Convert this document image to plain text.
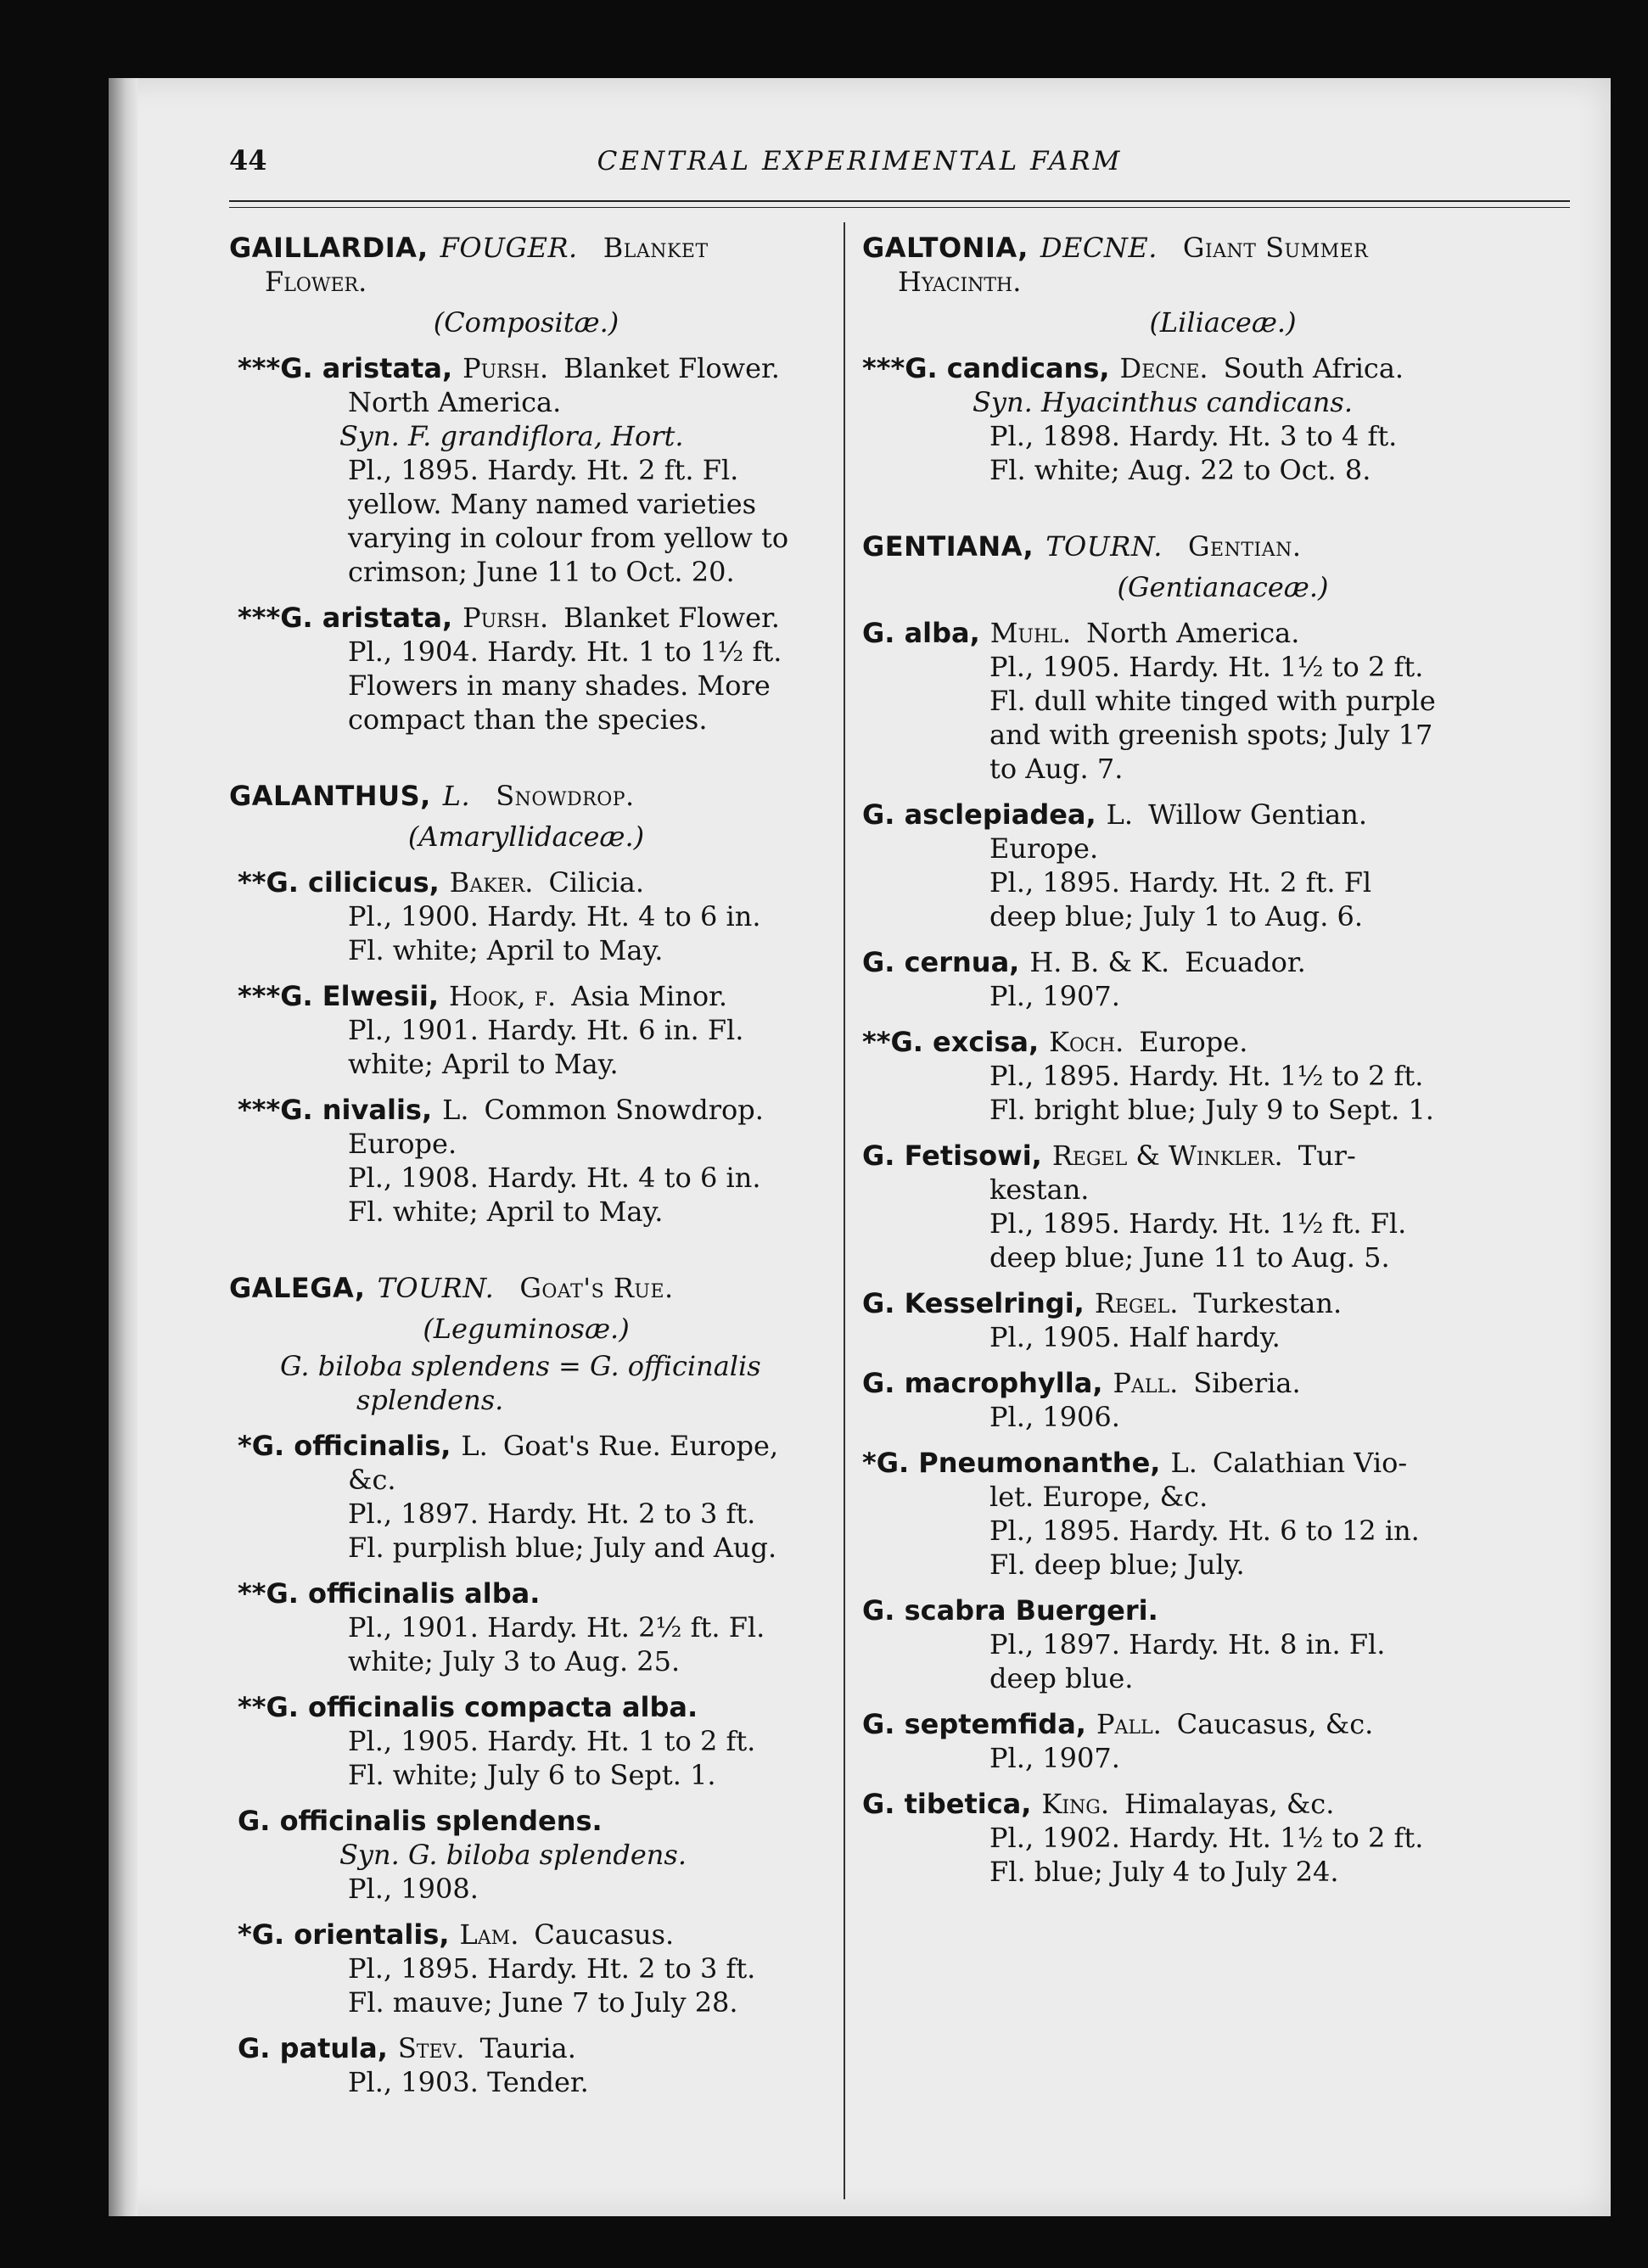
44	CENTRAL EXPERIMENTAL FARM
GAILLARDIA, FOUGER. Blanket
Flower.
(Compositæ.)
***G. aristata, Pursh. Blanket Flower.
North America.
Syn. F. grandiflora, Hort.
Pl., 1895. Hardy. Ht. 2 ft. Fl.
yellow. Many named varieties
varying in colour from yellow to
crimson; June 11 to Oct. 20.
***G. aristata, Pursh. Blanket Flower.
Pl., 1904. Hardy. Ht. 1 to 1½ ft.
Flowers in many shades. More
compact than the species.
GALANTHUS, L. Snowdrop.
(Amaryllidaceæ.)
**G. cilicicus, Baker. Cilicia.
Pl., 1900. Hardy. Ht. 4 to 6 in.
Fl. white; April to May.
***G. Elwesii, Hook, f. Asia Minor.
Pl., 1901. Hardy. Ht. 6 in. Fl.
white; April to May.
***G. nivalis, L. Common Snowdrop.
Europe.
Pl., 1908. Hardy. Ht. 4 to 6 in.
Fl. white; April to May.
GALEGA, TOURN. Goat's Rue.
(Leguminosæ.)
G. biloba splendens = G. officinalis
splendens.
*G. officinalis, L. Goat's Rue. Europe,
&c.
Pl., 1897. Hardy. Ht. 2 to 3 ft.
Fl. purplish blue; July and Aug.
**G. officinalis alba.
Pl., 1901. Hardy. Ht. 2½ ft. Fl.
white; July 3 to Aug. 25.
**G. officinalis compacta alba.
Pl., 1905. Hardy. Ht. 1 to 2 ft.
Fl. white; July 6 to Sept. 1.
G. officinalis splendens.
Syn. G. biloba splendens.
Pl., 1908.
*G. orientalis, Lam. Caucasus.
Pl., 1895. Hardy. Ht. 2 to 3 ft.
Fl. mauve; June 7 to July 28.
G. patula, Stev. Tauria.
Pl., 1903. Tender.
GALTONIA, DECNE. Giant Summer
Hyacinth.
(Liliaceæ.)
***G. candicans, Decne. South Africa.
Syn. Hyacinthus candicans.
Pl., 1898. Hardy. Ht. 3 to 4 ft.
Fl. white; Aug. 22 to Oct. 8.
GENTIANA, TOURN. Gentian.
(Gentianaceæ.)
G. alba, Muhl. North America.
Pl., 1905. Hardy. Ht. 1½ to 2 ft.
Fl. dull white tinged with purple
and with greenish spots; July 17
to Aug. 7.
G. asclepiadea, L. Willow Gentian.
Europe.
Pl., 1895. Hardy. Ht. 2 ft. Fl
deep blue; July 1 to Aug. 6.
G. cernua, H. B. & K. Ecuador.
Pl., 1907.
**G. excisa, Koch. Europe.
Pl., 1895. Hardy. Ht. 1½ to 2 ft.
Fl. bright blue; July 9 to Sept. 1.
G. Fetisowi, Regel & Winkler. Tur-
kestan.
Pl., 1895. Hardy. Ht. 1½ ft. Fl.
deep blue; June 11 to Aug. 5.
G. Kesselringi, Regel. Turkestan.
Pl., 1905. Half hardy.
G. macrophylla, Pall. Siberia.
Pl., 1906.
*G. Pneumonanthe, L. Calathian Vio-
let. Europe, &c.
Pl., 1895. Hardy. Ht. 6 to 12 in.
Fl. deep blue; July.
G. scabra Buergeri.
Pl., 1897. Hardy. Ht. 8 in. Fl.
deep blue.
G. septemfida, Pall. Caucasus, &c.
Pl., 1907.
G. tibetica, King. Himalayas, &c.
Pl., 1902. Hardy. Ht. 1½ to 2 ft.
Fl. blue; July 4 to July 24.
